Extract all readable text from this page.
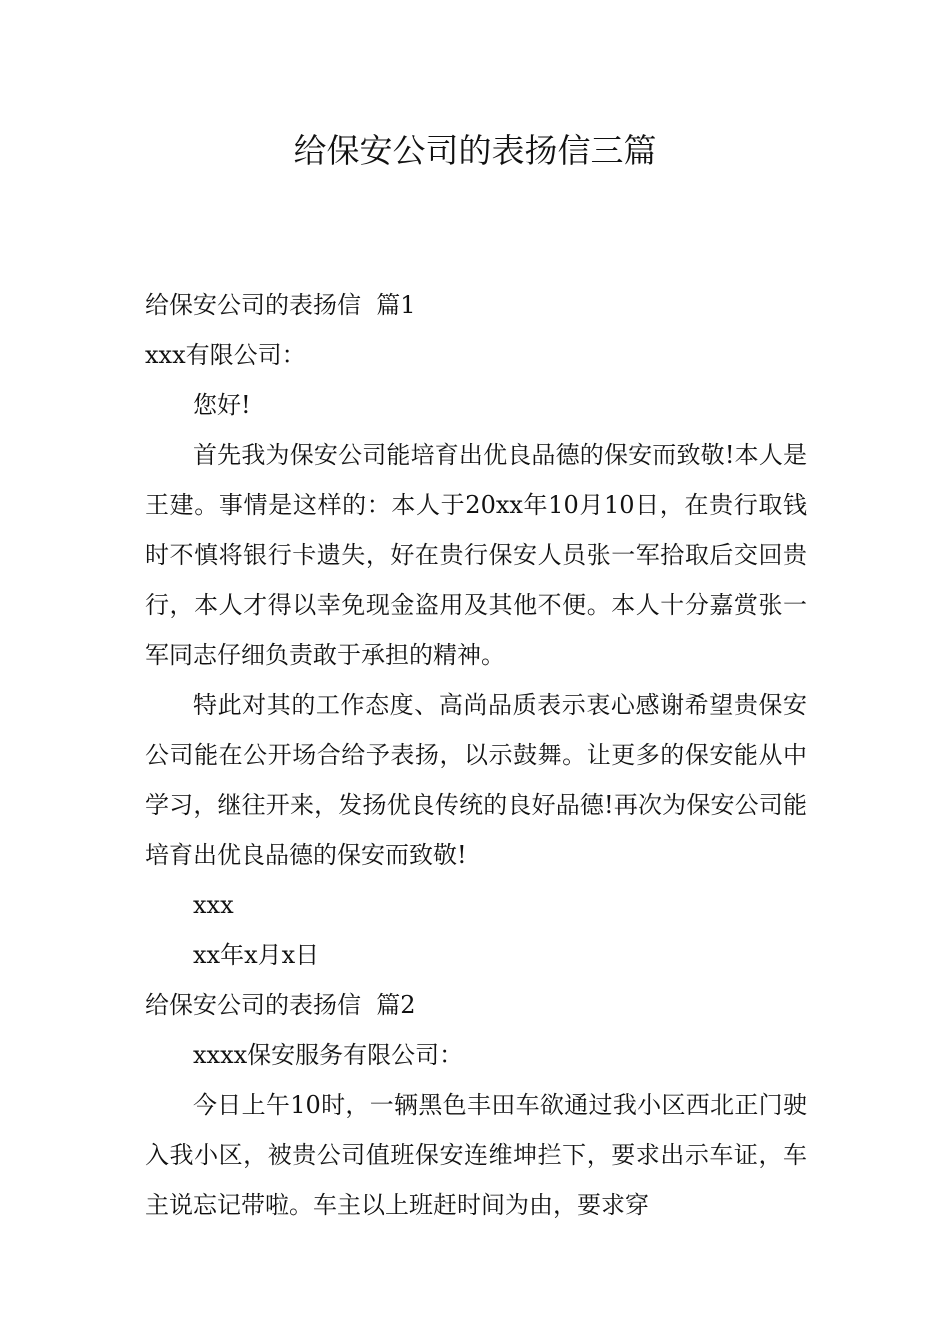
给保安公司的表扬信三篇

给保安公司的表扬信  篇1

xxx有限公司：

您好!

首先我为保安公司能培育出优良品德的保安而致敬!本人是王建。事情是这样的：本人于20xx年10月10日，在贵行取钱时不慎将银行卡遗失，好在贵行保安人员张一军拾取后交回贵行，本人才得以幸免现金盗用及其他不便。本人十分嘉赏张一军同志仔细负责敢于承担的精神。

特此对其的工作态度、高尚品质表示衷心感谢希望贵保安公司能在公开场合给予表扬，以示鼓舞。让更多的保安能从中学习，继往开来，发扬优良传统的良好品德!再次为保安公司能培育出优良品德的保安而致敬!

xxx

xx年x月x日

给保安公司的表扬信  篇2

xxxx保安服务有限公司：

今日上午10时，一辆黑色丰田车欲通过我小区西北正门驶入我小区，被贵公司值班保安连维坤拦下，要求出示车证，车主说忘记带啦。车主以上班赶时间为由，要求穿
